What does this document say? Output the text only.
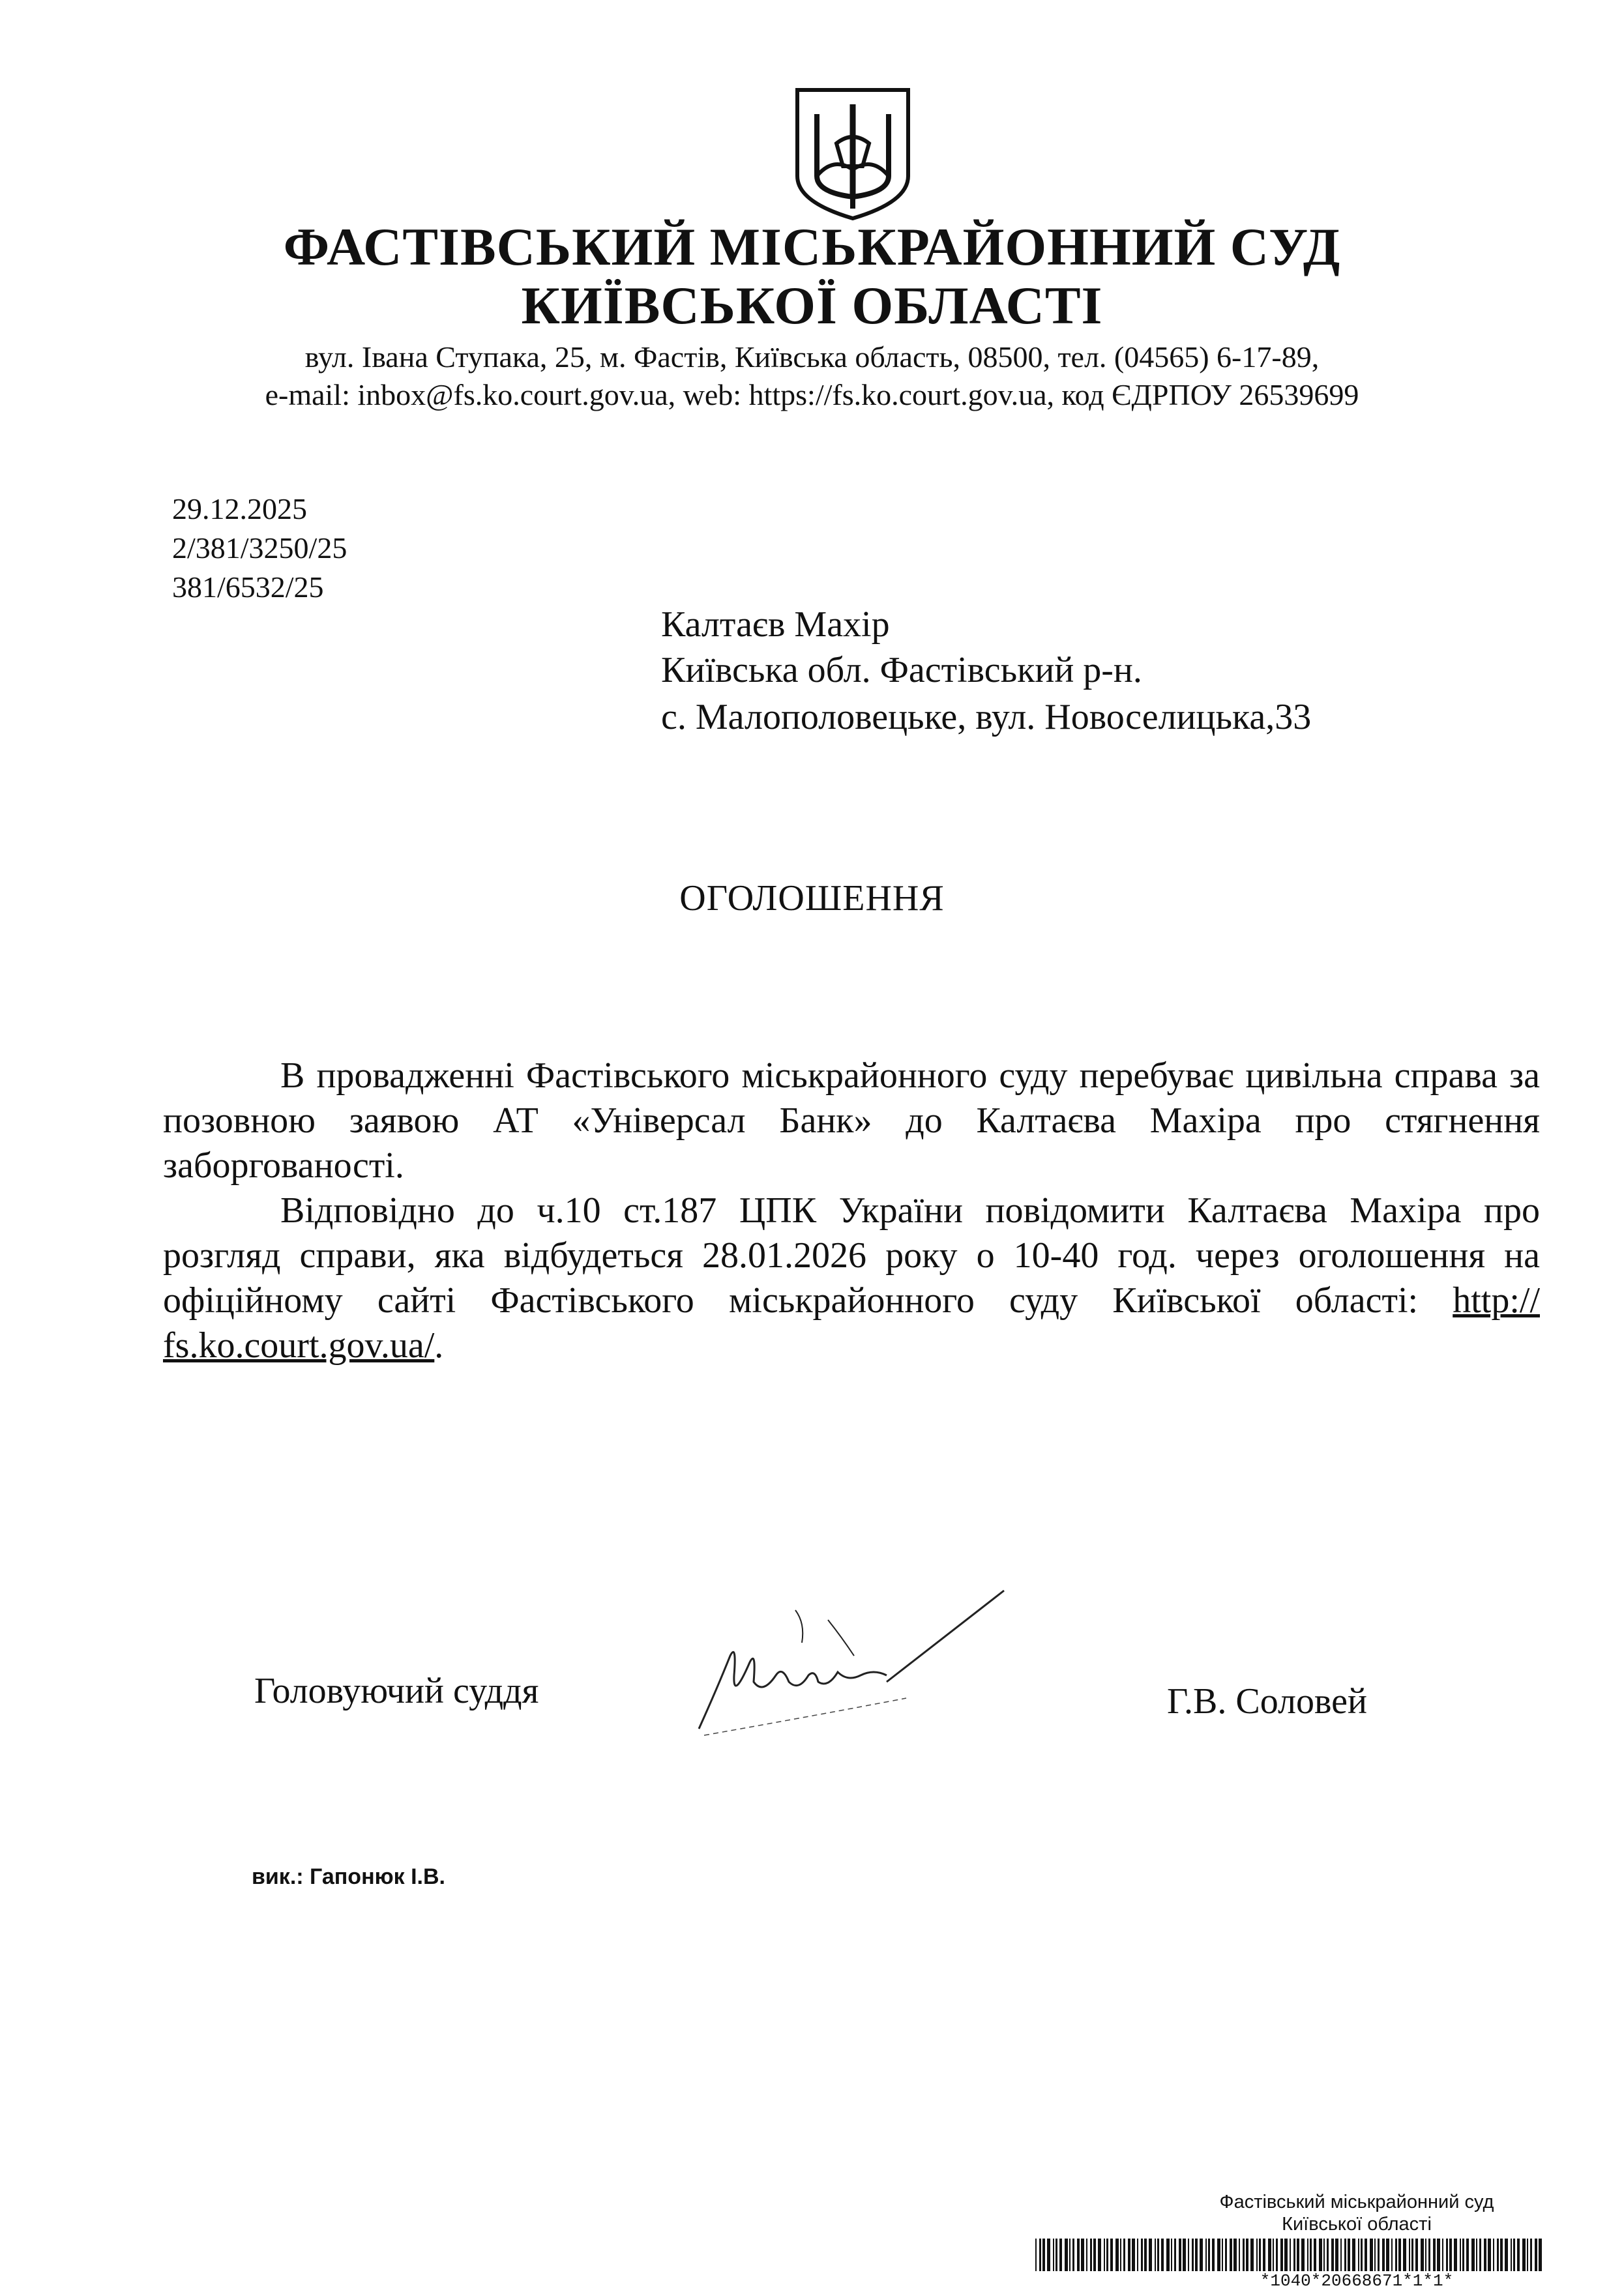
ФАСТІВСЬКИЙ МІСЬКРАЙОННИЙ СУД
КИЇВСЬКОЇ ОБЛАСТІ
вул. Івана Ступака, 25, м. Фастів, Київська область, 08500, тел. (04565) 6-17-89,
e-mail: inbox@fs.ko.court.gov.ua, web: https://fs.ko.court.gov.ua, код ЄДРПОУ 26539699
29.12.2025
2/381/3250/25
381/6532/25
Калтаєв Махір
Київська обл. Фастівський р-н.
с. Малополовецьке, вул. Новоселицька,33
ОГОЛОШЕННЯ

В провадженні Фастівського міськрайонного суду перебуває цивільна справа за позовною заявою АТ «Універсал Банк» до Калтаєва Махіра про стягнення заборгованості.

Відповідно до ч.10 ст.187 ЦПК України повідомити Калтаєва Махіра про розгляд справи, яка відбудеться 28.01.2026 року о 10-40 год. через оголошення на офіційному сайті Фастівського міськрайонного суду Київської області: http:// fs.ko.court.gov.ua/.

Головуючий суддя	Г.В. Соловей
вик.: Гапонюк І.В.
Фастівський міськрайонний суд
Київської області
*1040*20668671*1*1*
